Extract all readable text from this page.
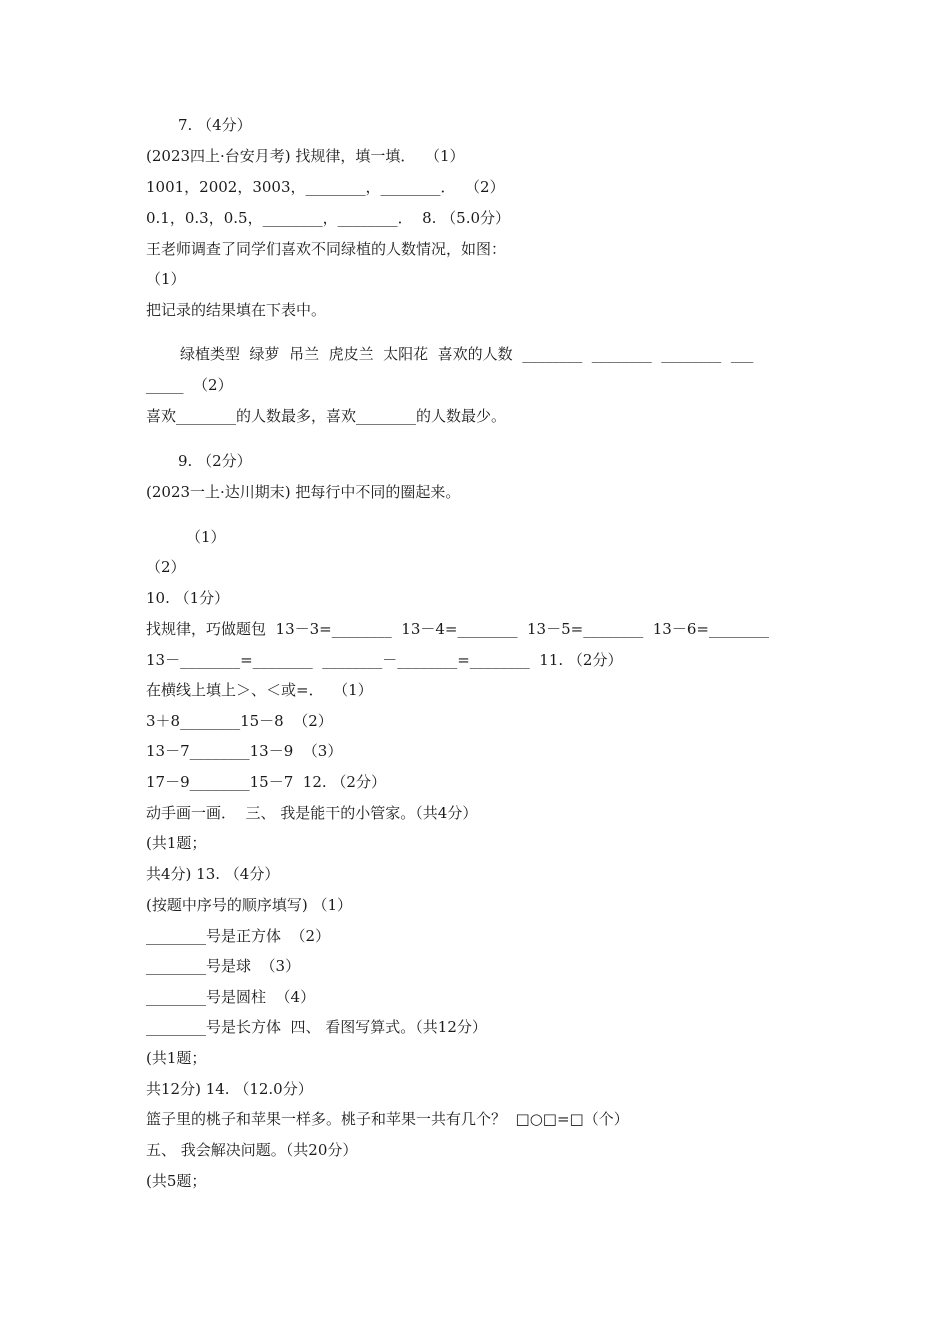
7. （4分）
(2023四上·台安月考) 找规律，填一填．  （1）
1001，2002，3003，________，________．  （2）
0.1，0.3，0.5，________，________．  8. （5.0分）
王老师调查了同学们喜欢不同绿植的人数情况，如图：
（1）
把记录的结果填在下表中。
绿植类型  绿萝  吊兰  虎皮兰  太阳花  喜欢的人数  ________  ________  ________  ___
_____  （2）
喜欢________的人数最多，喜欢________的人数最少。
9. （2分）
(2023一上·达川期末) 把每行中不同的圈起来。
（1）
（2）
10. （1分）
找规律，巧做题包  13－3=________  13－4=________  13－5=________  13－6=________
13－________=________  ________－________=________  11. （2分）
在横线上填上＞、＜或=．  （1）
3＋8________15－8  （2）
13－7________13－9  （3）
17－9________15－7  12. （2分）
动手画一画．  三、 我是能干的小管家。（共4分）
(共1题；
共4分) 13. （4分）
(按题中序号的顺序填写) （1）
________号是正方体  （2）
________号是球  （3）
________号是圆柱  （4）
________号是长方体  四、 看图写算式。（共12分）
(共1题；
共12分) 14. （12.0分）
篮子里的桃子和苹果一样多。桃子和苹果一共有几个？  □○□=□（个）
五、 我会解决问题。（共20分）
(共5题；
